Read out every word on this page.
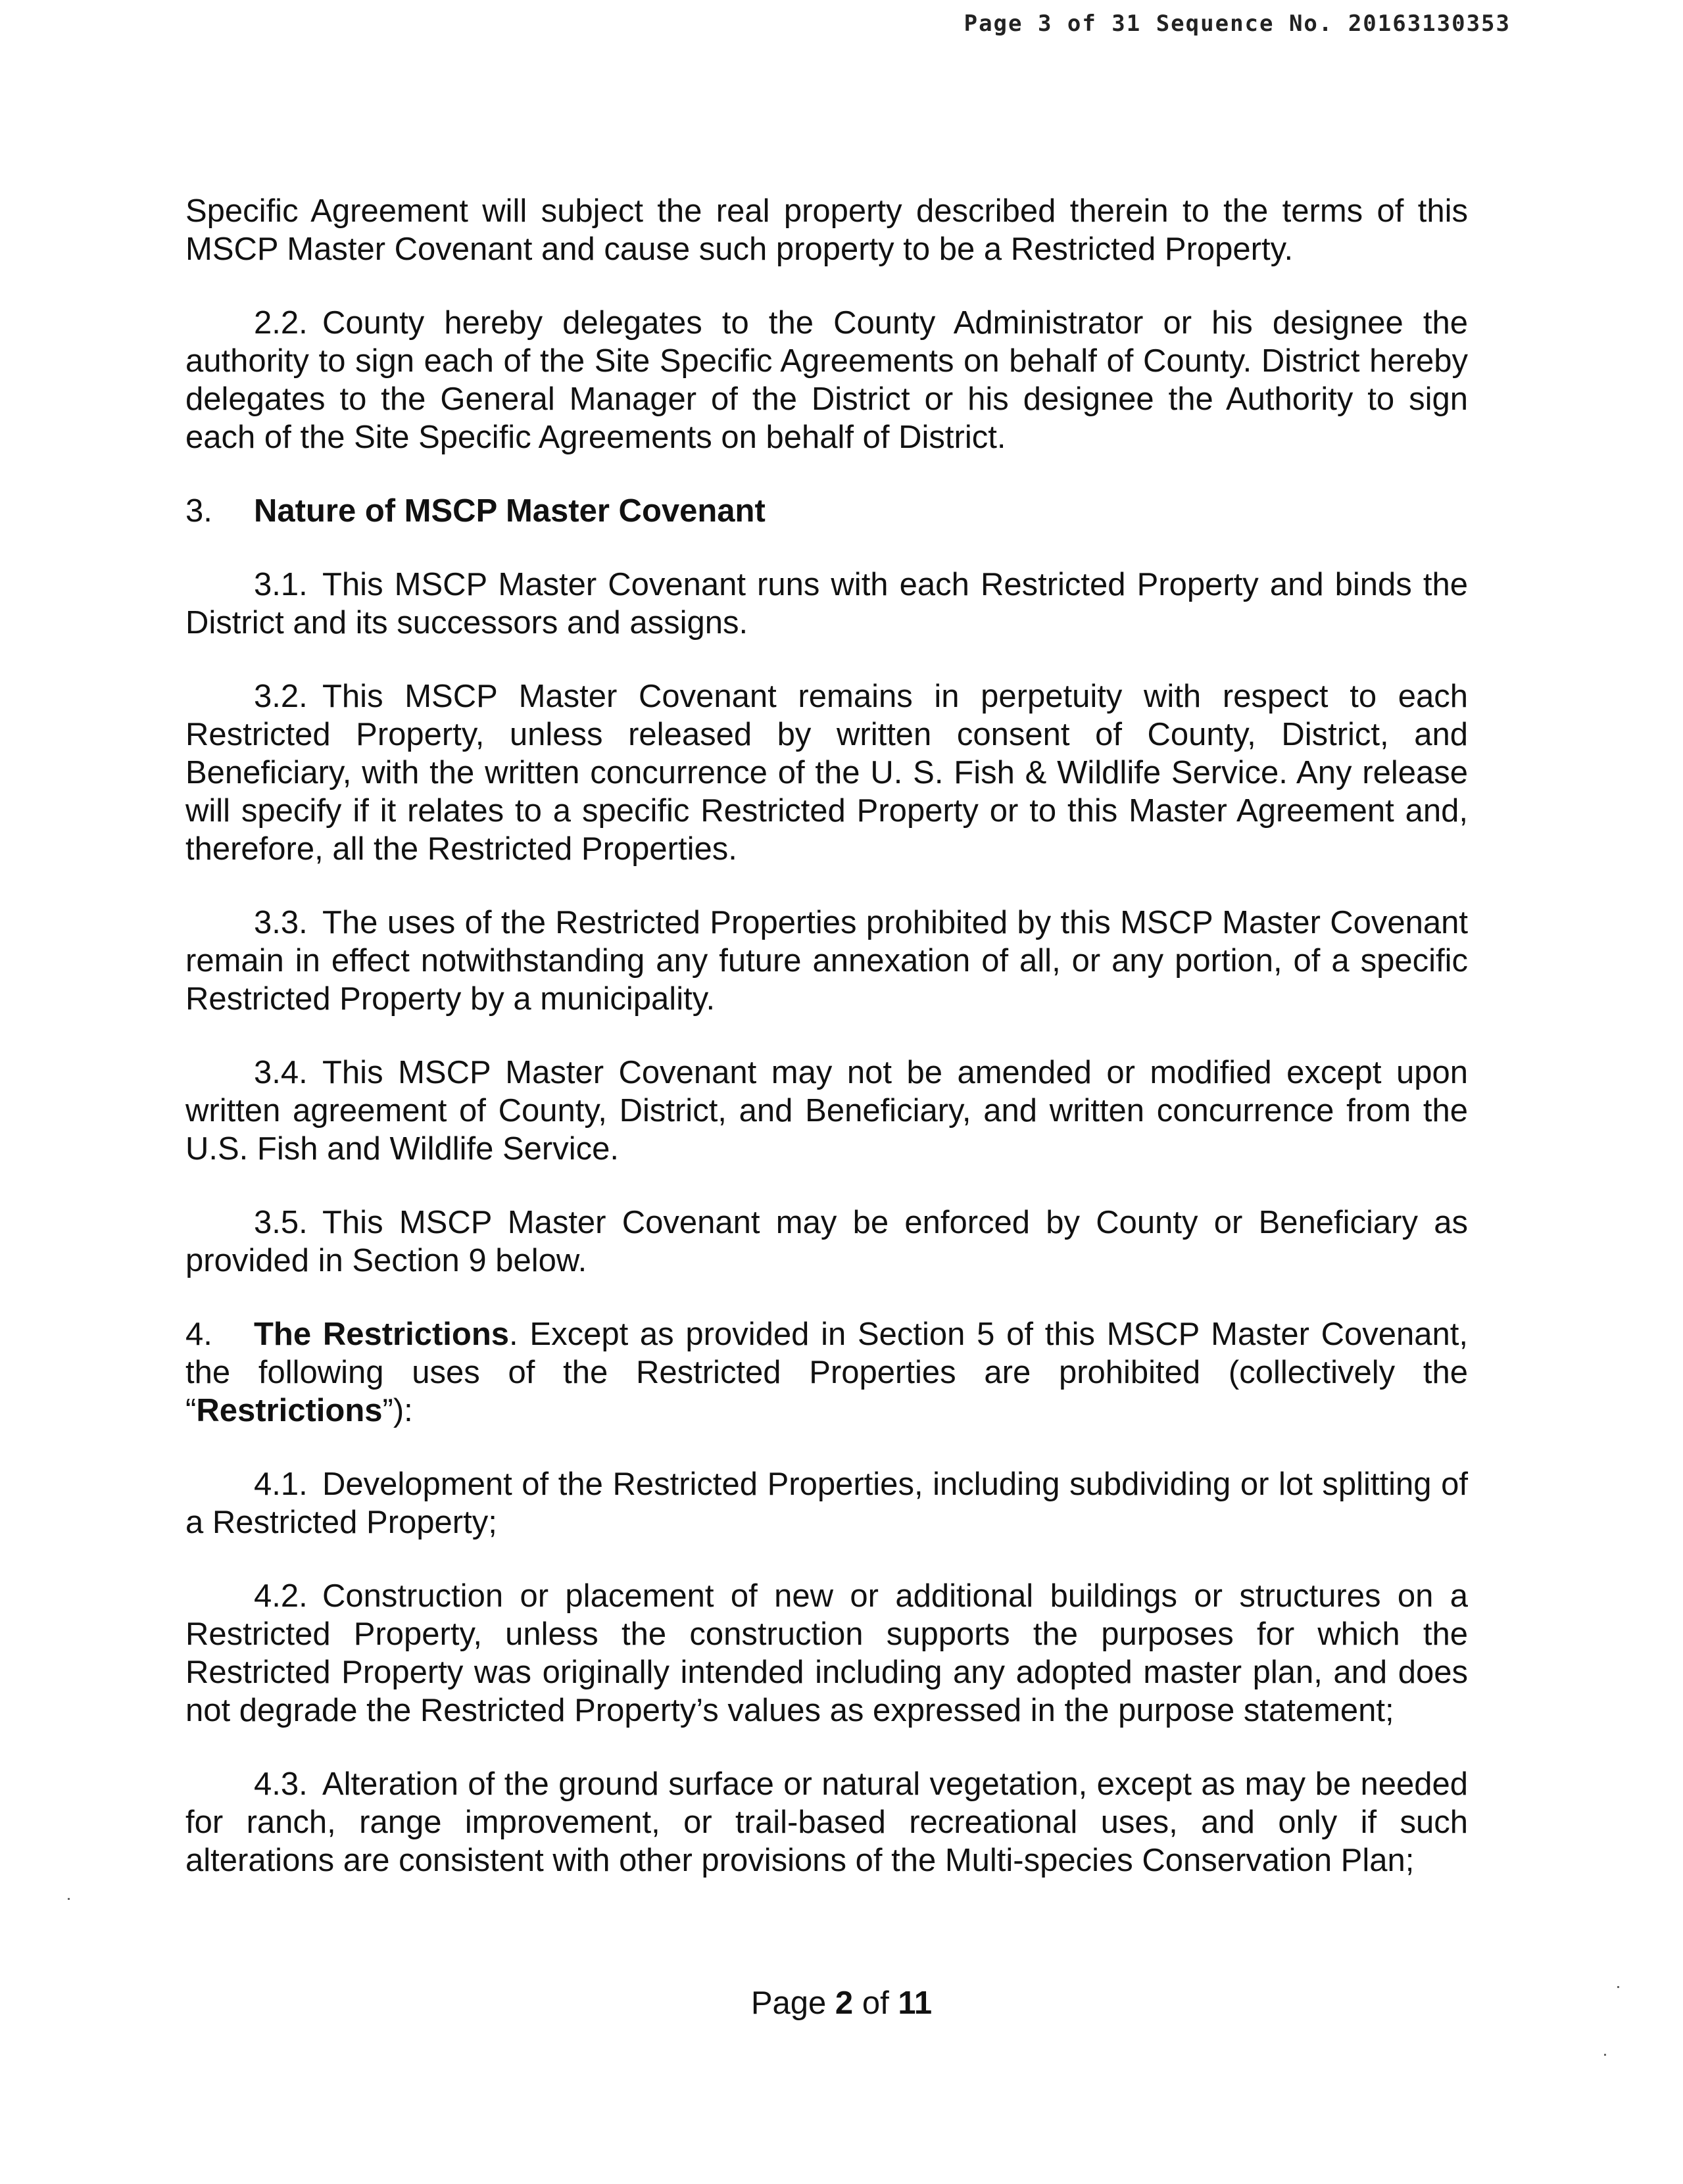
Page 3 of 31 Sequence No. 20163130353

Specific Agreement will subject the real property described therein to the terms of this MSCP Master Covenant and cause such property to be a Restricted Property.

2.2. County hereby delegates to the County Administrator or his designee the authority to sign each of the Site Specific Agreements on behalf of County. District hereby delegates to the General Manager of the District or his designee the Authority to sign each of the Site Specific Agreements on behalf of District.

3. Nature of MSCP Master Covenant

3.1. This MSCP Master Covenant runs with each Restricted Property and binds the District and its successors and assigns.

3.2. This MSCP Master Covenant remains in perpetuity with respect to each Restricted Property, unless released by written consent of County, District, and Beneficiary, with the written concurrence of the U. S. Fish & Wildlife Service. Any release will specify if it relates to a specific Restricted Property or to this Master Agreement and, therefore, all the Restricted Properties.

3.3. The uses of the Restricted Properties prohibited by this MSCP Master Covenant remain in effect notwithstanding any future annexation of all, or any portion, of a specific Restricted Property by a municipality.

3.4. This MSCP Master Covenant may not be amended or modified except upon written agreement of County, District, and Beneficiary, and written concurrence from the U.S. Fish and Wildlife Service.

3.5. This MSCP Master Covenant may be enforced by County or Beneficiary as provided in Section 9 below.

4. The Restrictions. Except as provided in Section 5 of this MSCP Master Covenant, the following uses of the Restricted Properties are prohibited (collectively the “Restrictions”):

4.1. Development of the Restricted Properties, including subdividing or lot splitting of a Restricted Property;

4.2. Construction or placement of new or additional buildings or structures on a Restricted Property, unless the construction supports the purposes for which the Restricted Property was originally intended including any adopted master plan, and does not degrade the Restricted Property’s values as expressed in the purpose statement;

4.3. Alteration of the ground surface or natural vegetation, except as may be needed for ranch, range improvement, or trail-based recreational uses, and only if such alterations are consistent with other provisions of the Multi-species Conservation Plan;

Page 2 of 11
